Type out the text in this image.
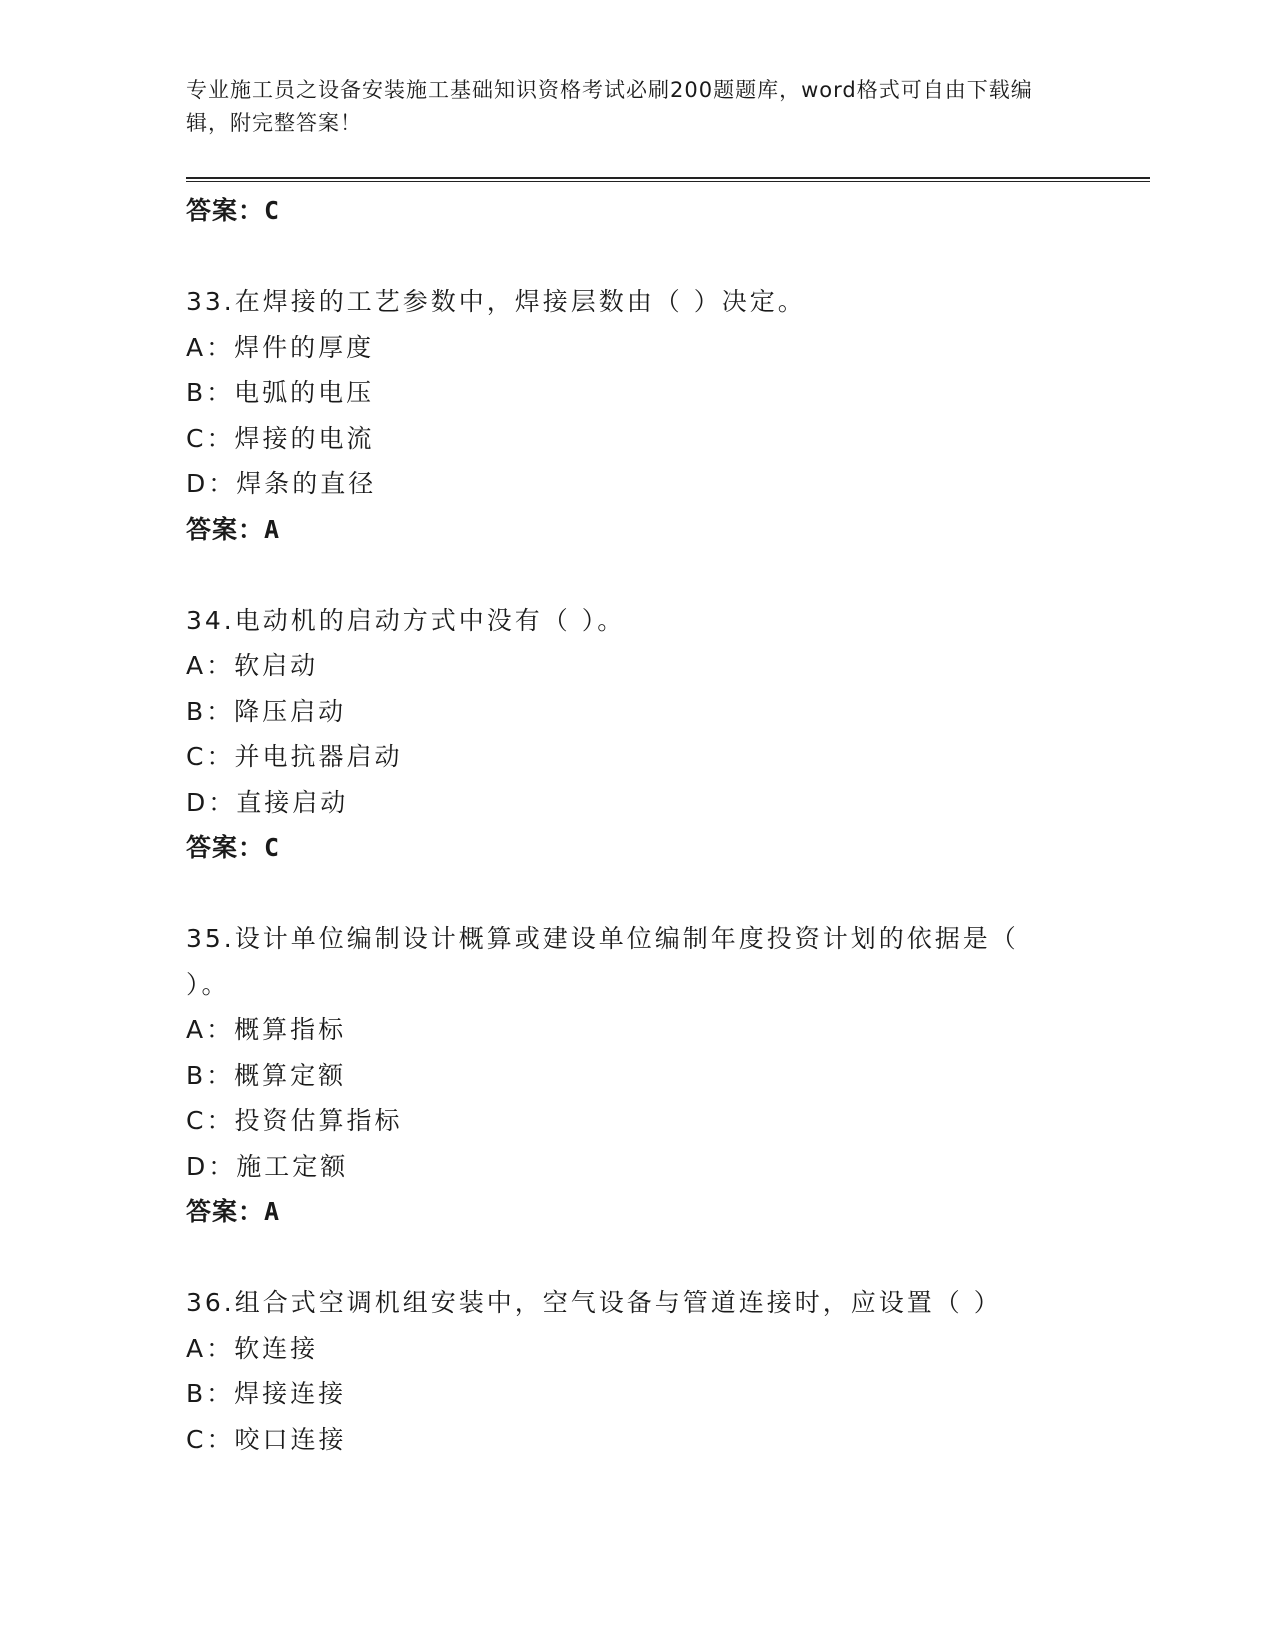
专业施工员之设备安装施工基础知识资格考试必刷200题题库，word格式可自由下载编辑，附完整答案！

答案：C
33.在焊接的工艺参数中，焊接层数由（ ）决定。
A：焊件的厚度
B：电弧的电压
C：焊接的电流
D：焊条的直径
答案：A
34.电动机的启动方式中没有（ ）。
A：软启动
B：降压启动
C：并电抗器启动
D：直接启动
答案：C
35.设计单位编制设计概算或建设单位编制年度投资计划的依据是（
）。
A：概算指标
B：概算定额
C：投资估算指标
D：施工定额
答案：A
36.组合式空调机组安装中，空气设备与管道连接时，应设置（ ）
A：软连接
B：焊接连接
C：咬口连接
